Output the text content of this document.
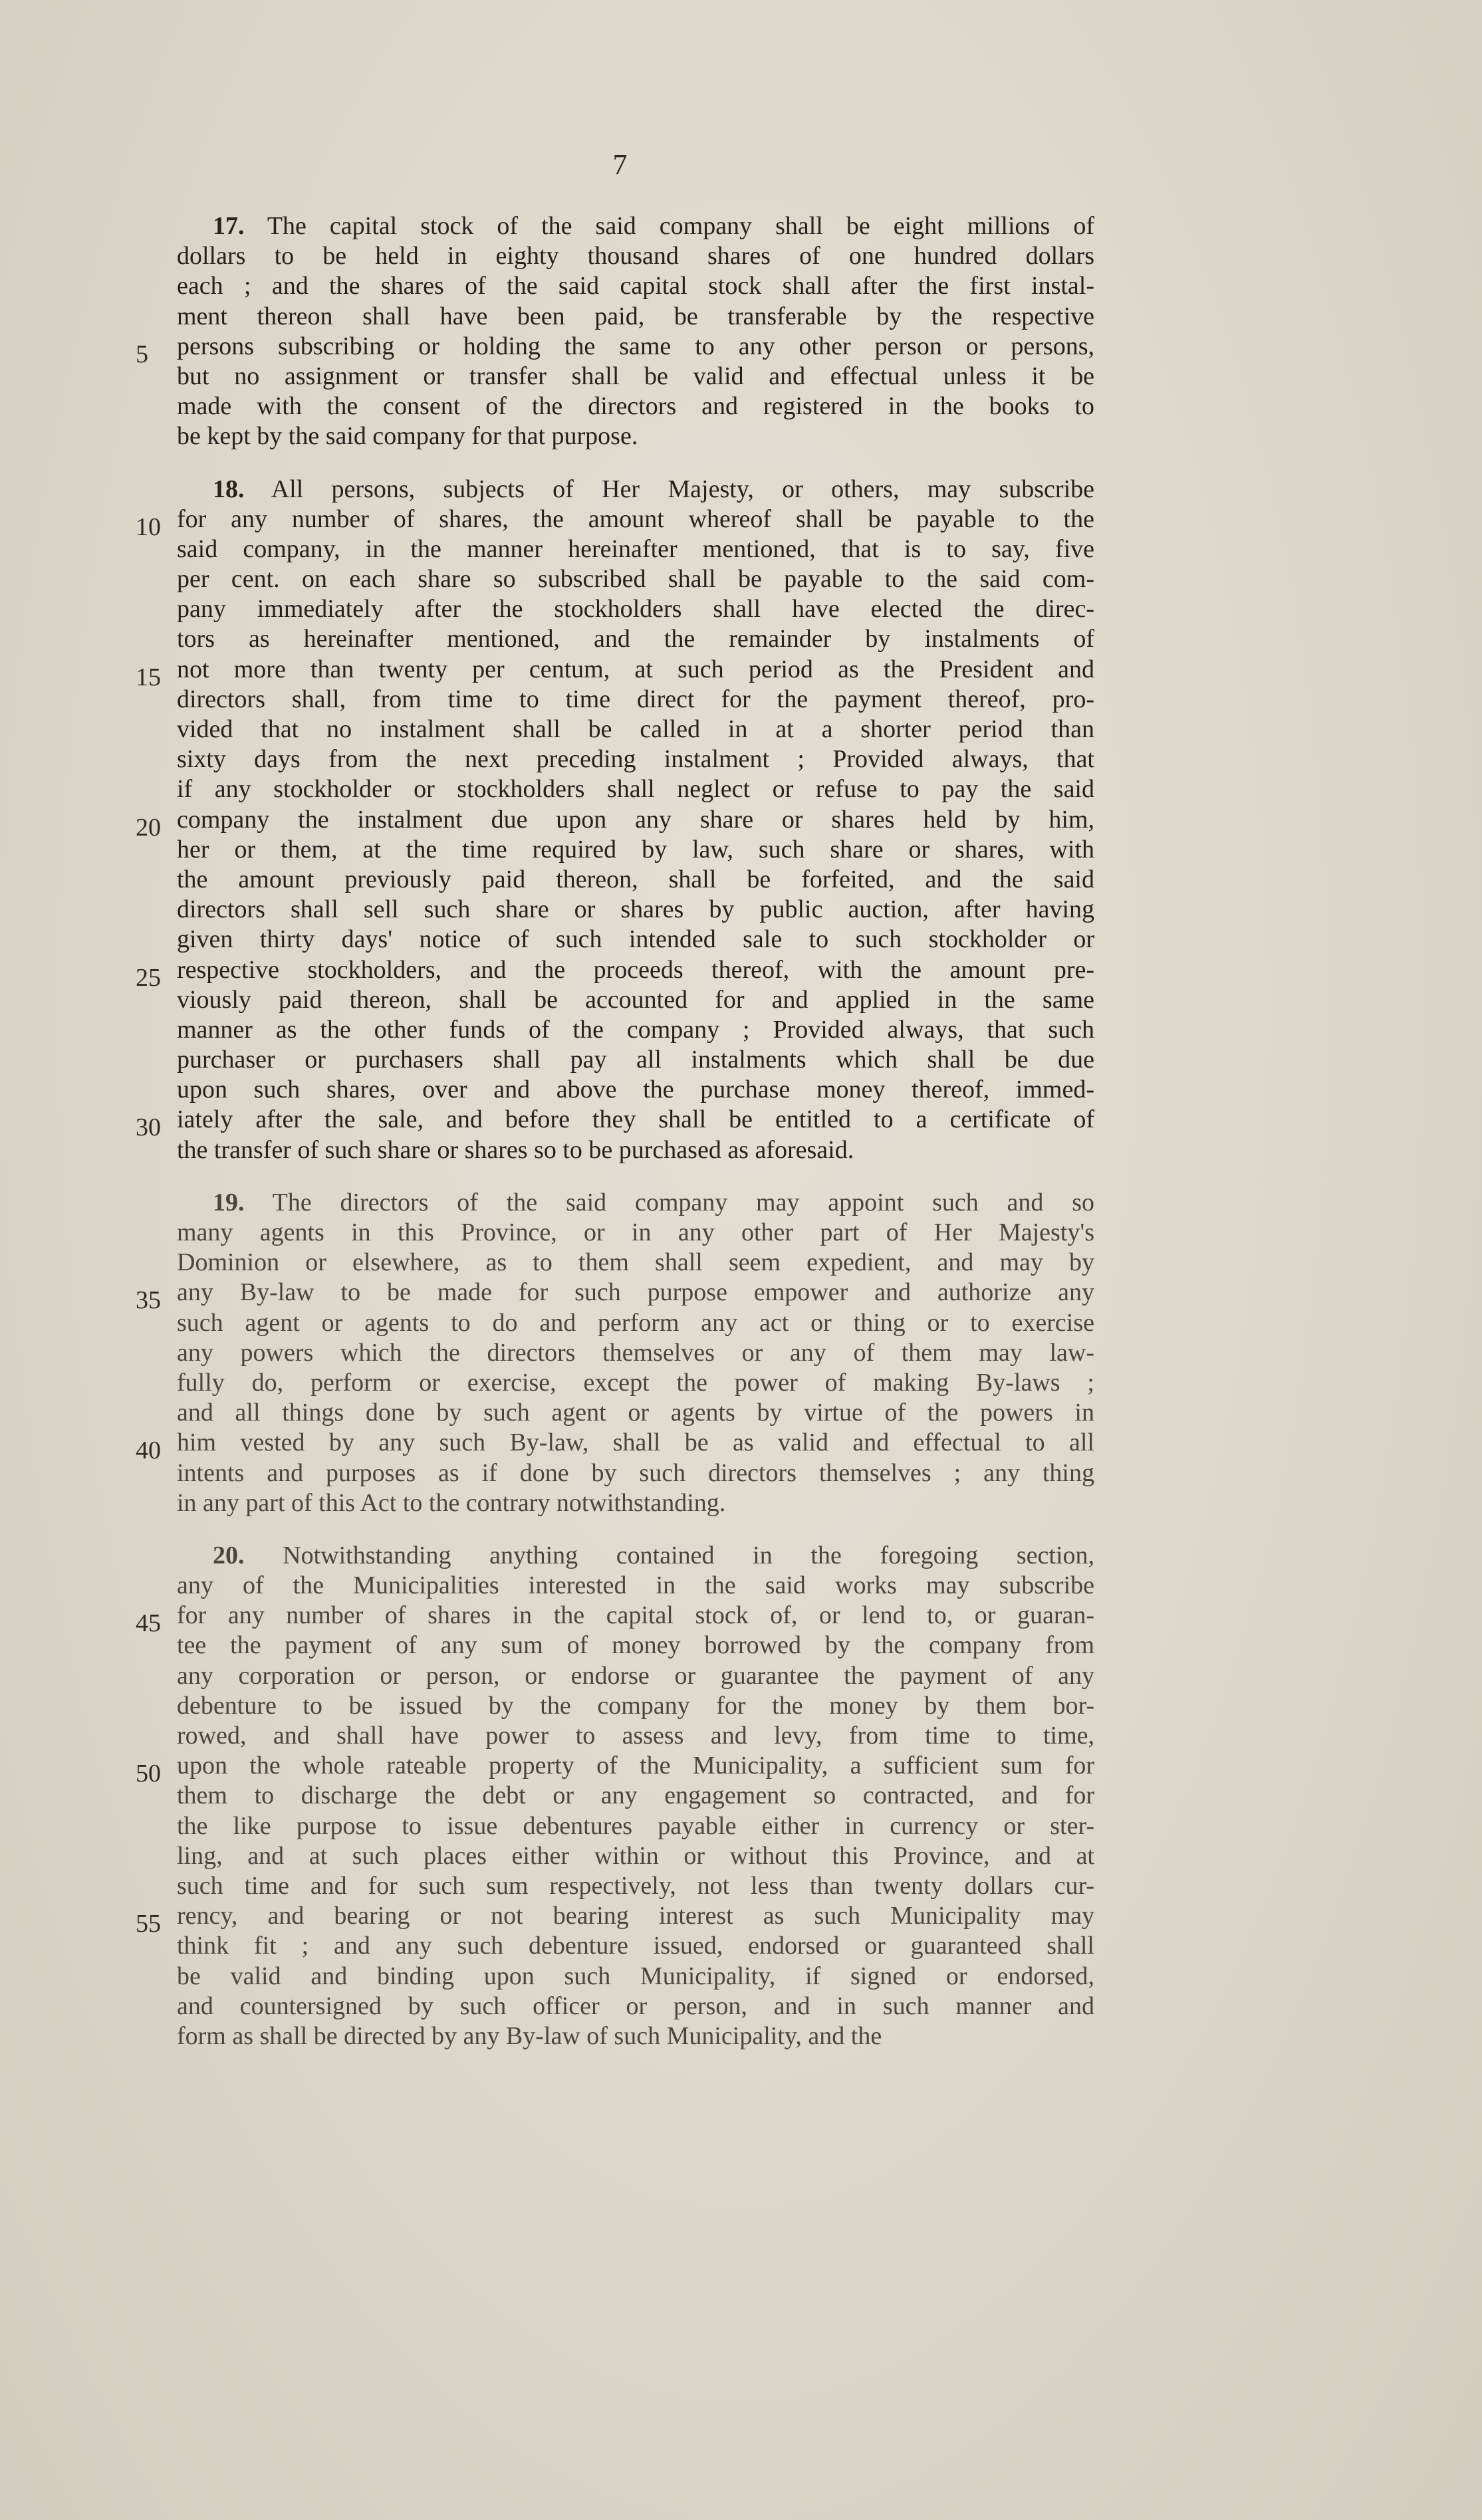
7
17. The capital stock of the said company shall be eight millions of
dollars to be held in eighty thousand shares of one hundred dollars
each ; and the shares of the said capital stock shall after the first instal-
ment thereon shall have been paid, be transferable by the respective
persons subscribing or holding the same to any other person or persons,
5
but no assignment or transfer shall be valid and effectual unless it be
made with the consent of the directors and registered in the books to
be kept by the said company for that purpose.
18. All persons, subjects of Her Majesty, or others, may subscribe
for any number of shares, the amount whereof shall be payable to the
10
said company, in the manner hereinafter mentioned, that is to say, five
per cent. on each share so subscribed shall be payable to the said com-
pany immediately after the stockholders shall have elected the direc-
tors as hereinafter mentioned, and the remainder by instalments of
not more than twenty per centum, at such period as the President and
15
directors shall, from time to time direct for the payment thereof, pro-
vided that no instalment shall be called in at a shorter period than
sixty days from the next preceding instalment ; Provided always, that
if any stockholder or stockholders shall neglect or refuse to pay the said
company the instalment due upon any share or shares held by him,
20
her or them, at the time required by law, such share or shares, with
the amount previously paid thereon, shall be forfeited, and the said
directors shall sell such share or shares by public auction, after having
given thirty days' notice of such intended sale to such stockholder or
respective stockholders, and the proceeds thereof, with the amount pre-
25
viously paid thereon, shall be accounted for and applied in the same
manner as the other funds of the company ; Provided always, that such
purchaser or purchasers shall pay all instalments which shall be due
upon such shares, over and above the purchase money thereof, immed-
iately after the sale, and before they shall be entitled to a certificate of
30
the transfer of such share or shares so to be purchased as aforesaid.
19. The directors of the said company may appoint such and so
many agents in this Province, or in any other part of Her Majesty's
Dominion or elsewhere, as to them shall seem expedient, and may by
any By-law to be made for such purpose empower and authorize any
35
such agent or agents to do and perform any act or thing or to exercise
any powers which the directors themselves or any of them may law-
fully do, perform or exercise, except the power of making By-laws ;
and all things done by such agent or agents by virtue of the powers in
him vested by any such By-law, shall be as valid and effectual to all
40
intents and purposes as if done by such directors themselves ; any thing
in any part of this Act to the contrary notwithstanding.
20. Notwithstanding anything contained in the foregoing section,
any of the Municipalities interested in the said works may subscribe
for any number of shares in the capital stock of, or lend to, or guaran-
45
tee the payment of any sum of money borrowed by the company from
any corporation or person, or endorse or guarantee the payment of any
debenture to be issued by the company for the money by them bor-
rowed, and shall have power to assess and levy, from time to time,
upon the whole rateable property of the Municipality, a sufficient sum for
50
them to discharge the debt or any engagement so contracted, and for
the like purpose to issue debentures payable either in currency or ster-
ling, and at such places either within or without this Province, and at
such time and for such sum respectively, not less than twenty dollars cur-
rency, and bearing or not bearing interest as such Municipality may
55
think fit ; and any such debenture issued, endorsed or guaranteed shall
be valid and binding upon such Municipality, if signed or endorsed,
and countersigned by such officer or person, and in such manner and
form as shall be directed by any By-law of such Municipality, and the
